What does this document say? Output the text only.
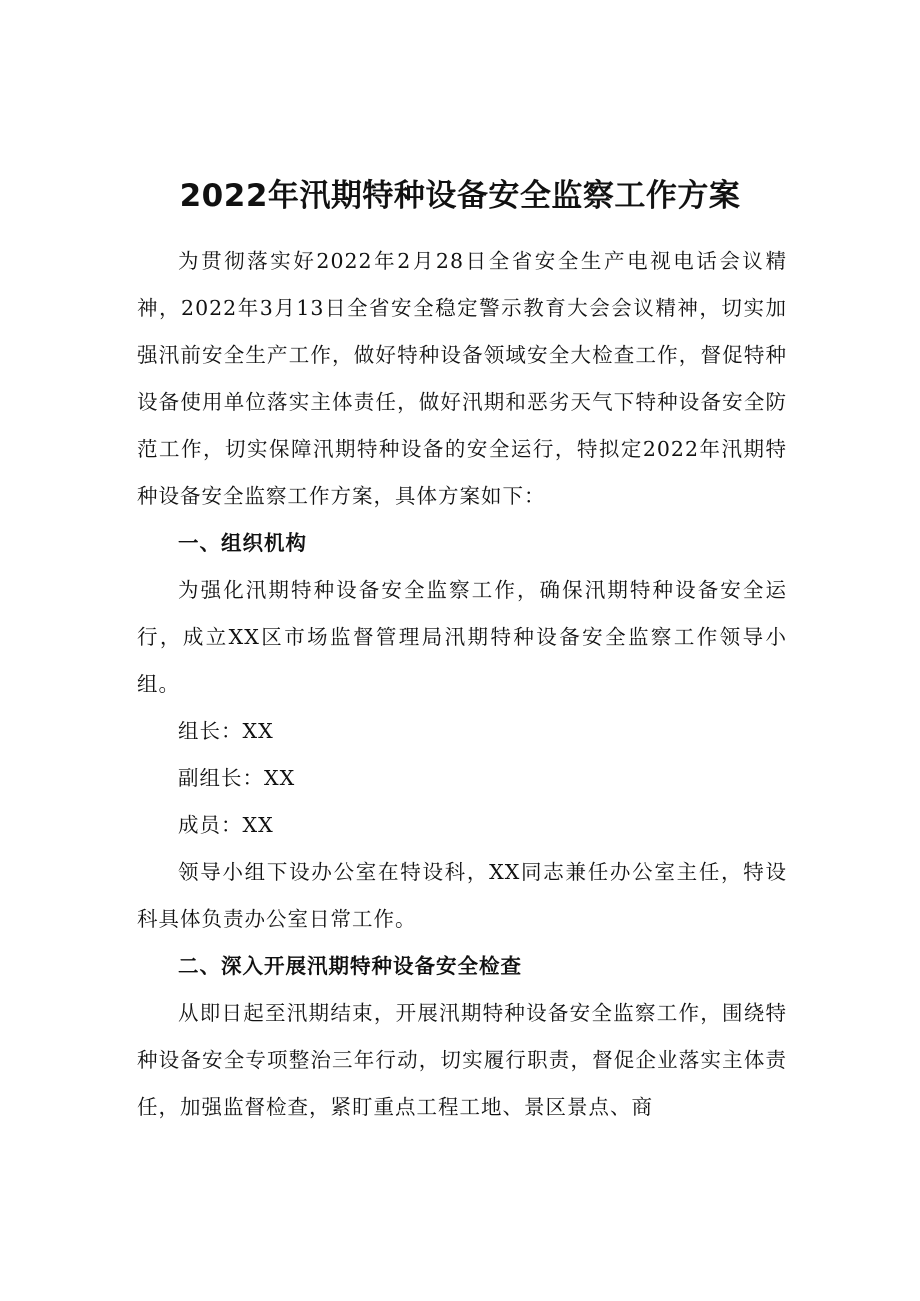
2022年汛期特种设备安全监察工作方案

为贯彻落实好2022年2月28日全省安全生产电视电话会议精神，2022年3月13日全省安全稳定警示教育大会会议精神，切实加强汛前安全生产工作，做好特种设备领域安全大检查工作，督促特种设备使用单位落实主体责任，做好汛期和恶劣天气下特种设备安全防范工作，切实保障汛期特种设备的安全运行，特拟定2022年汛期特种设备安全监察工作方案，具体方案如下：

一、组织机构

为强化汛期特种设备安全监察工作，确保汛期特种设备安全运行，成立XX区市场监督管理局汛期特种设备安全监察工作领导小组。

组长：XX

副组长：XX

成员：XX

领导小组下设办公室在特设科，XX同志兼任办公室主任，特设科具体负责办公室日常工作。

二、深入开展汛期特种设备安全检查

从即日起至汛期结束，开展汛期特种设备安全监察工作，围绕特种设备安全专项整治三年行动，切实履行职责，督促企业落实主体责任，加强监督检查，紧盯重点工程工地、景区景点、商
